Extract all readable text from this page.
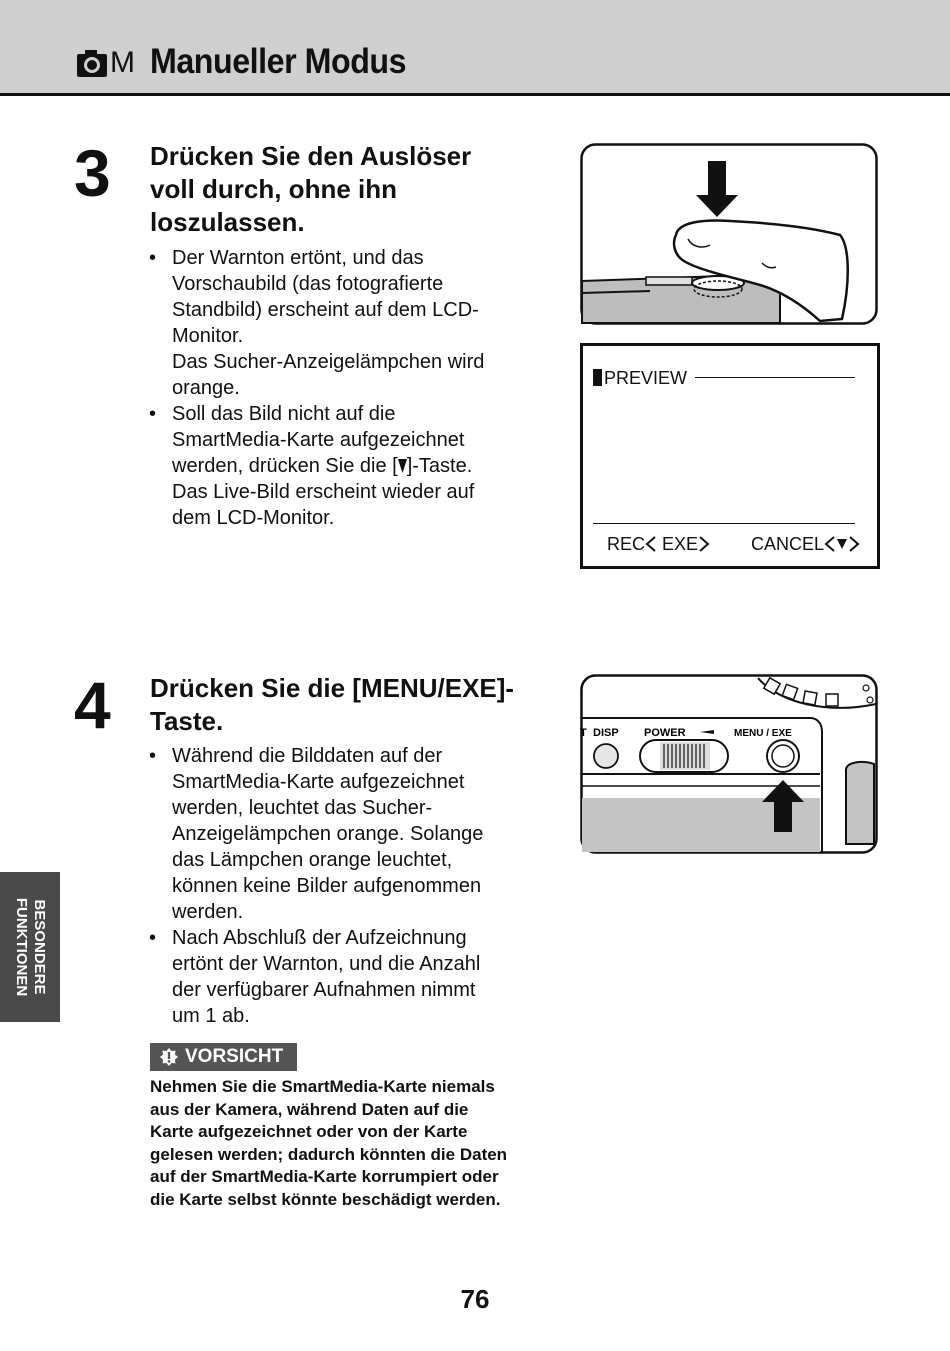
M Manueller Modus
3 Drücken Sie den Auslöser
voll durch, ohne ihn
loszulassen.
• Der Warnton ertönt, und das
Vorschaubild (das fotografierte
Standbild) erscheint auf dem LCD-
Monitor.
Das Sucher-Anzeigelämpchen wird
orange.
• Soll das Bild nicht auf die
SmartMedia-Karte aufgezeichnet
werden, drücken Sie die [ ]-Taste.
Das Live-Bild erscheint wieder auf
dem LCD-Monitor.
PREVIEW
REC EXE	CANCEL
4 Drücken Sie die [MENU/EXE]-
Taste.
• Während die Bilddaten auf der
SmartMedia-Karte aufgezeichnet
werden, leuchtet das Sucher-
Anzeigelämpchen orange. Solange
das Lämpchen orange leuchtet,
können keine Bilder aufgenommen
werden.
• Nach Abschluß der Aufzeichnung
ertönt der Warnton, und die Anzahl
der verfügbarer Aufnahmen nimmt
um 1 ab.
T DISP POWER	MENU / EXE
VORSICHT
Nehmen Sie die SmartMedia-Karte niemals
aus der Kamera, während Daten auf die
Karte aufgezeichnet oder von der Karte
gelesen werden; dadurch könnten die Daten
auf der SmartMedia-Karte korrumpiert oder
die Karte selbst könnte beschädigt werden.
BESONDERE
FUNKTIONEN
76
